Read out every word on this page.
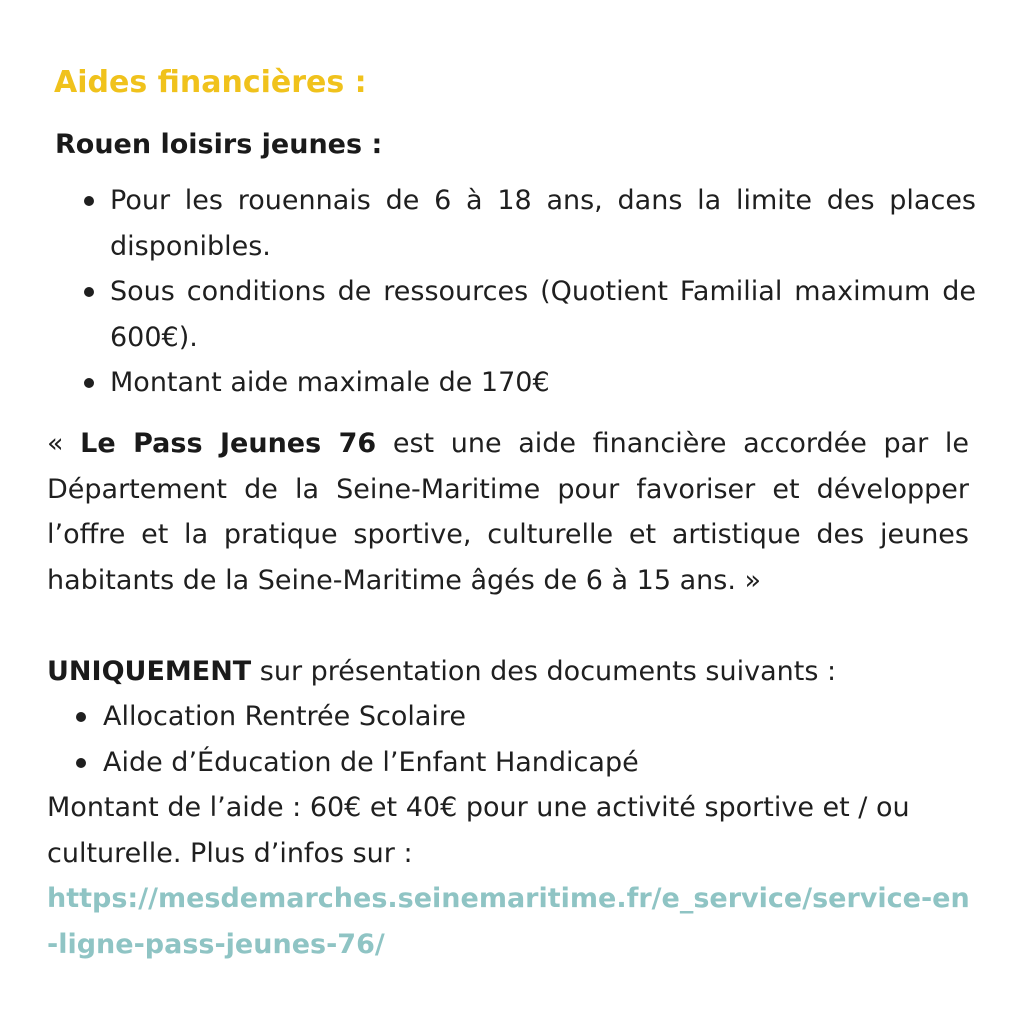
Aides financières :
Rouen loisirs jeunes :
Pour les rouennais de 6 à 18 ans, dans la limite des places disponibles.
Sous conditions de ressources (Quotient Familial maximum de 600€).
Montant aide maximale de 170€

« Le Pass Jeunes 76 est une aide financière accordée par le Département de la Seine-Maritime pour favoriser et développer l’offre et la pratique sportive, culturelle et artistique des jeunes habitants de la Seine-Maritime âgés de 6 à 15 ans. »

UNIQUEMENT sur présentation des documents suivants :

Allocation Rentrée Scolaire
Aide d’Éducation de l’Enfant Handicapé

Montant de l’aide : 60€ et 40€ pour une activité sportive et / ou culturelle. Plus d’infos sur :

https://mesdemarches.seinemaritime.fr/e_service/service-en-ligne-pass-jeunes-76/
